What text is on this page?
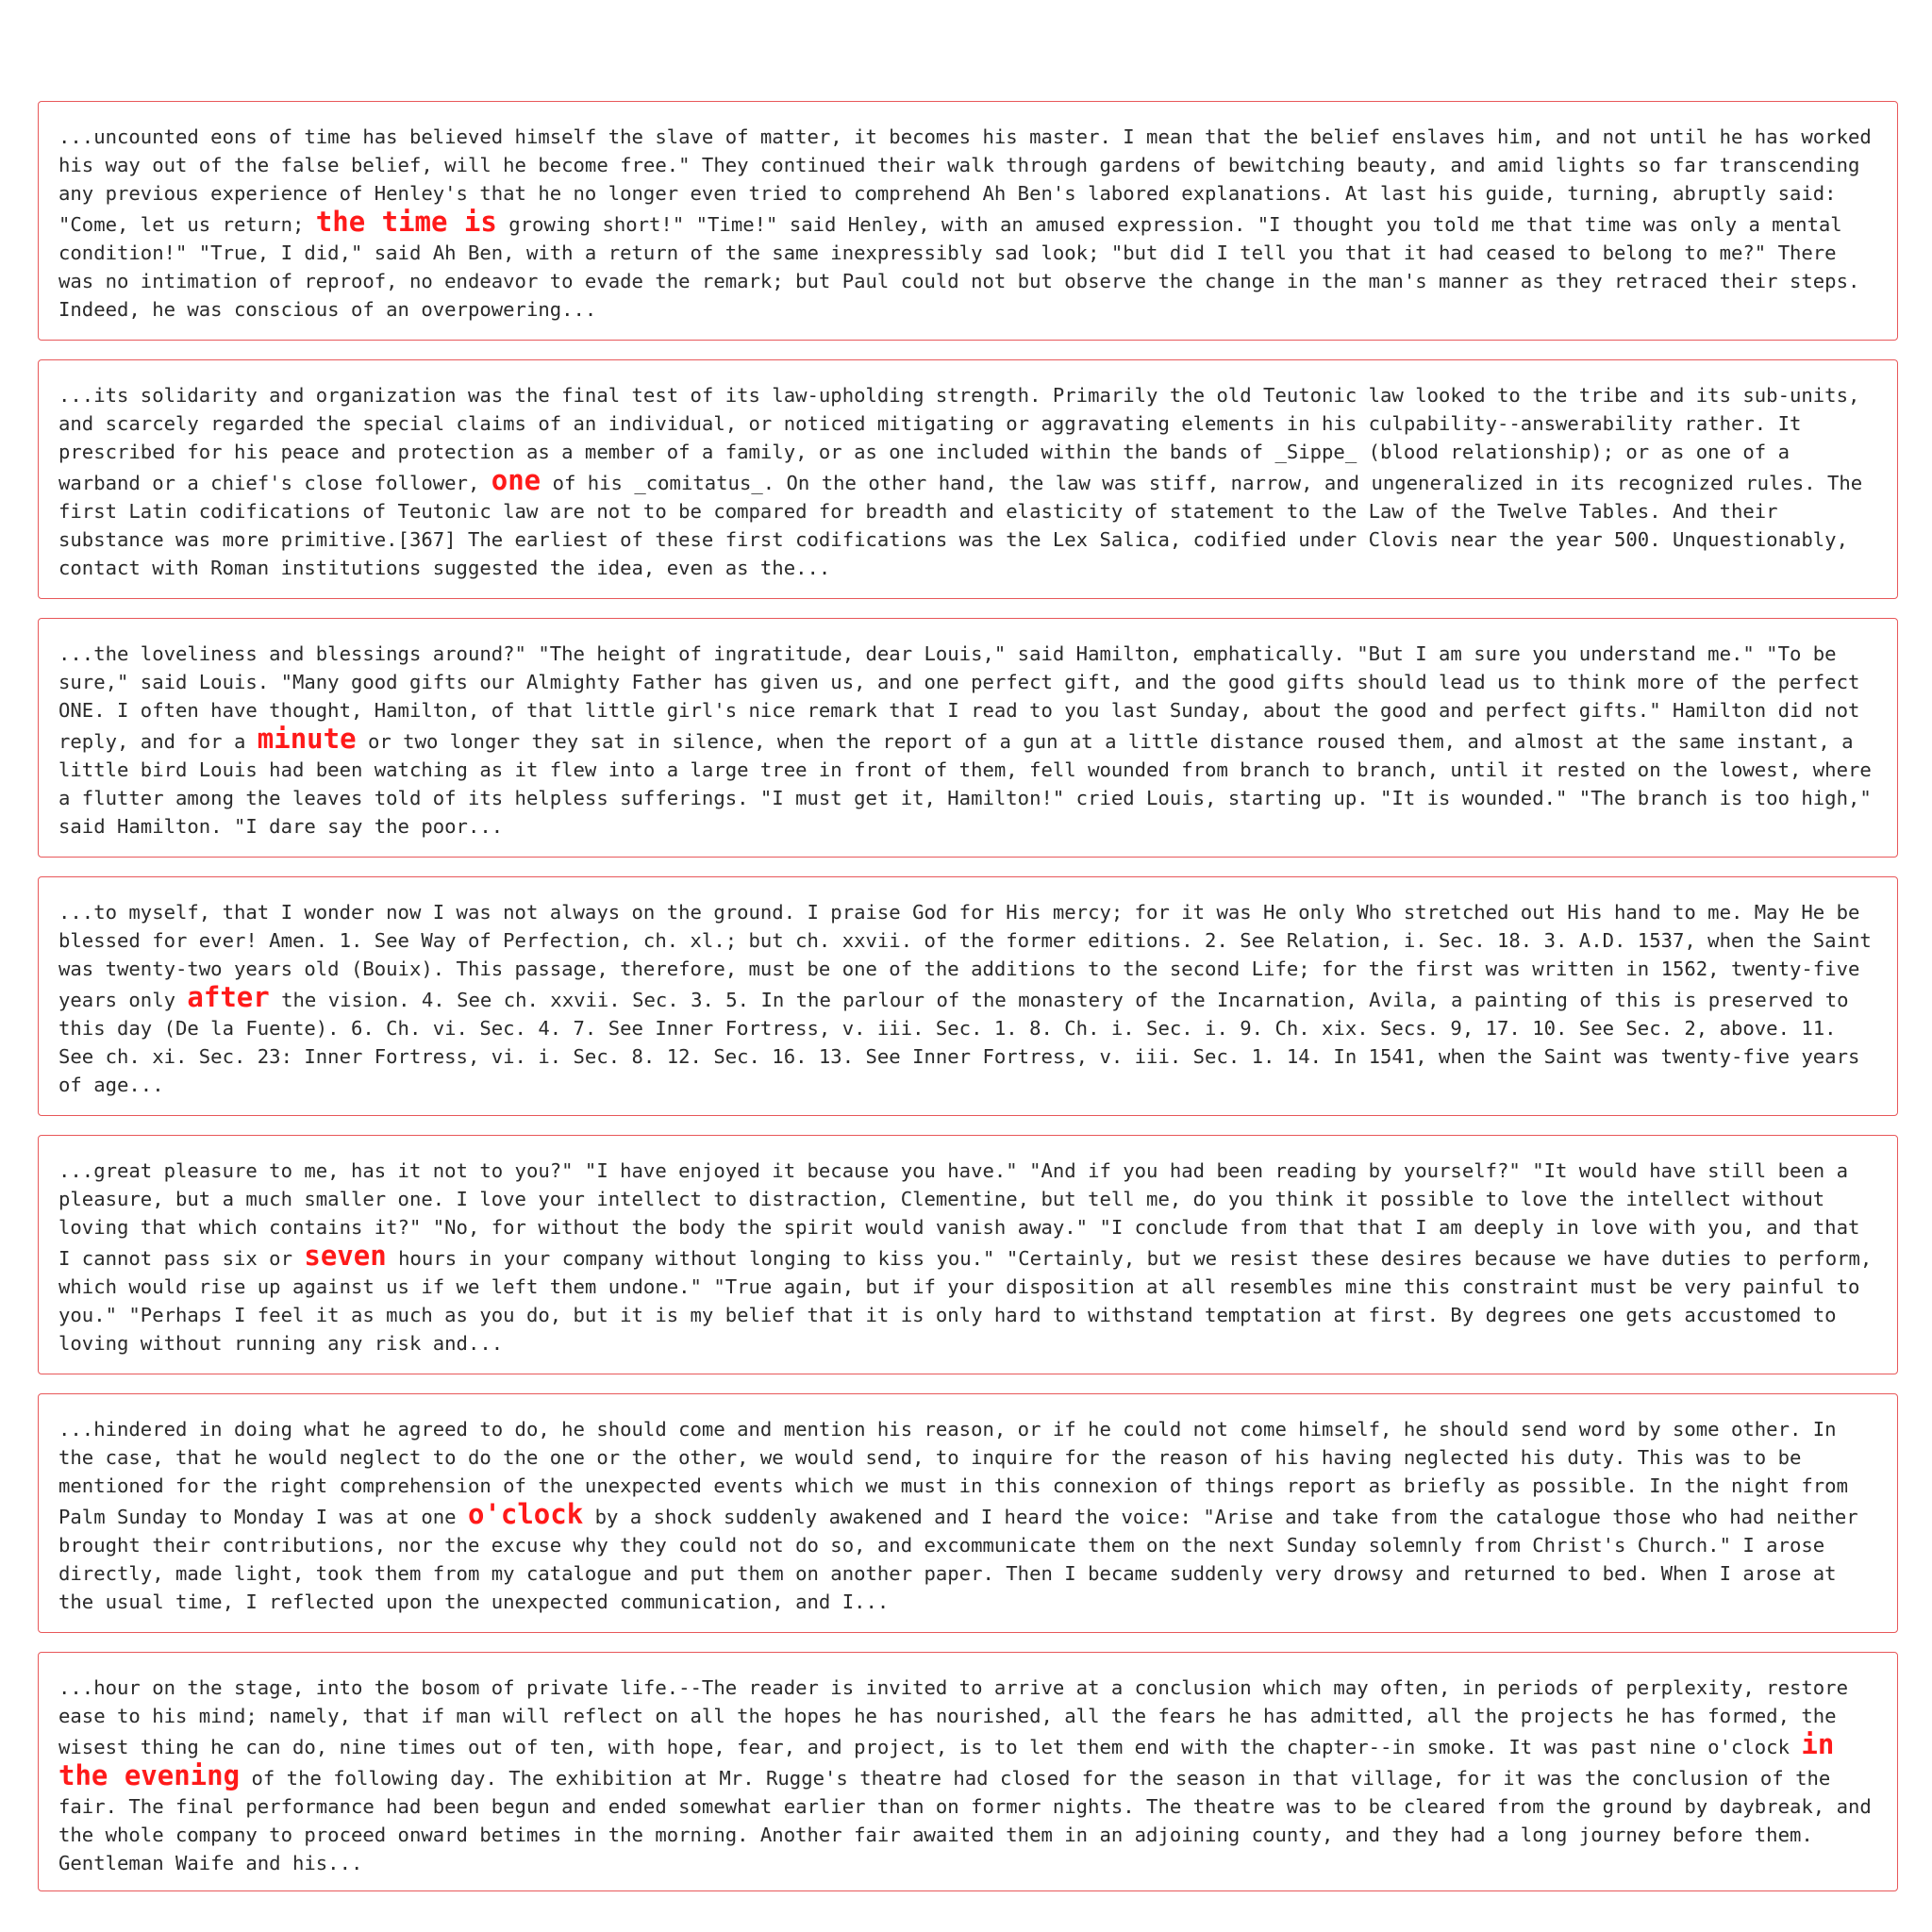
...uncounted eons of time has believed himself the slave of matter, it becomes his master. I mean that the belief enslaves him, and not until he has worked his way out of the false belief, will he become free." They continued their walk through gardens of bewitching beauty, and amid lights so far transcending any previous experience of Henley's that he no longer even tried to comprehend Ah Ben's labored explanations. At last his guide, turning, abruptly said: "Come, let us return; the time is growing short!" "Time!" said Henley, with an amused expression. "I thought you told me that time was only a mental condition!" "True, I did," said Ah Ben, with a return of the same inexpressibly sad look; "but did I tell you that it had ceased to belong to me?" There was no intimation of reproof, no endeavor to evade the remark; but Paul could not but observe the change in the man's manner as they retraced their steps. Indeed, he was conscious of an overpowering...
...its solidarity and organization was the final test of its law-upholding strength. Primarily the old Teutonic law looked to the tribe and its sub-units, and scarcely regarded the special claims of an individual, or noticed mitigating or aggravating elements in his culpability--answerability rather. It prescribed for his peace and protection as a member of a family, or as one included within the bands of _Sippe_ (blood relationship); or as one of a warband or a chief's close follower, one of his _comitatus_. On the other hand, the law was stiff, narrow, and ungeneralized in its recognized rules. The first Latin codifications of Teutonic law are not to be compared for breadth and elasticity of statement to the Law of the Twelve Tables. And their substance was more primitive.[367] The earliest of these first codifications was the Lex Salica, codified under Clovis near the year 500. Unquestionably, contact with Roman institutions suggested the idea, even as the...
...the loveliness and blessings around?" "The height of ingratitude, dear Louis," said Hamilton, emphatically. "But I am sure you understand me." "To be sure," said Louis. "Many good gifts our Almighty Father has given us, and one perfect gift, and the good gifts should lead us to think more of the perfect ONE. I often have thought, Hamilton, of that little girl's nice remark that I read to you last Sunday, about the good and perfect gifts." Hamilton did not reply, and for a minute or two longer they sat in silence, when the report of a gun at a little distance roused them, and almost at the same instant, a little bird Louis had been watching as it flew into a large tree in front of them, fell wounded from branch to branch, until it rested on the lowest, where a flutter among the leaves told of its helpless sufferings. "I must get it, Hamilton!" cried Louis, starting up. "It is wounded." "The branch is too high," said Hamilton. "I dare say the poor...
...to myself, that I wonder now I was not always on the ground. I praise God for His mercy; for it was He only Who stretched out His hand to me. May He be blessed for ever! Amen. 1. See Way of Perfection, ch. xl.; but ch. xxvii. of the former editions. 2. See Relation, i. Sec. 18. 3. A.D. 1537, when the Saint was twenty-two years old (Bouix). This passage, therefore, must be one of the additions to the second Life; for the first was written in 1562, twenty-five years only after the vision. 4. See ch. xxvii. Sec. 3. 5. In the parlour of the monastery of the Incarnation, Avila, a painting of this is preserved to this day (De la Fuente). 6. Ch. vi. Sec. 4. 7. See Inner Fortress, v. iii. Sec. 1. 8. Ch. i. Sec. i. 9. Ch. xix. Secs. 9, 17. 10. See Sec. 2, above. 11. See ch. xi. Sec. 23: Inner Fortress, vi. i. Sec. 8. 12. Sec. 16. 13. See Inner Fortress, v. iii. Sec. 1. 14. In 1541, when the Saint was twenty-five years of age...
...great pleasure to me, has it not to you?" "I have enjoyed it because you have." "And if you had been reading by yourself?" "It would have still been a pleasure, but a much smaller one. I love your intellect to distraction, Clementine, but tell me, do you think it possible to love the intellect without loving that which contains it?" "No, for without the body the spirit would vanish away." "I conclude from that that I am deeply in love with you, and that I cannot pass six or seven hours in your company without longing to kiss you." "Certainly, but we resist these desires because we have duties to perform, which would rise up against us if we left them undone." "True again, but if your disposition at all resembles mine this constraint must be very painful to you." "Perhaps I feel it as much as you do, but it is my belief that it is only hard to withstand temptation at first. By degrees one gets accustomed to loving without running any risk and...
...hindered in doing what he agreed to do, he should come and mention his reason, or if he could not come himself, he should send word by some other. In the case, that he would neglect to do the one or the other, we would send, to inquire for the reason of his having neglected his duty. This was to be mentioned for the right comprehension of the unexpected events which we must in this connexion of things report as briefly as possible. In the night from Palm Sunday to Monday I was at one o'clock by a shock suddenly awakened and I heard the voice: "Arise and take from the catalogue those who had neither brought their contributions, nor the excuse why they could not do so, and excommunicate them on the next Sunday solemnly from Christ's Church." I arose directly, made light, took them from my catalogue and put them on another paper. Then I became suddenly very drowsy and returned to bed. When I arose at the usual time, I reflected upon the unexpected communication, and I...
...hour on the stage, into the bosom of private life.--The reader is invited to arrive at a conclusion which may often, in periods of perplexity, restore ease to his mind; namely, that if man will reflect on all the hopes he has nourished, all the fears he has admitted, all the projects he has formed, the wisest thing he can do, nine times out of ten, with hope, fear, and project, is to let them end with the chapter--in smoke. It was past nine o'clock in the evening of the following day. The exhibition at Mr. Rugge's theatre had closed for the season in that village, for it was the conclusion of the fair. The final performance had been begun and ended somewhat earlier than on former nights. The theatre was to be cleared from the ground by daybreak, and the whole company to proceed onward betimes in the morning. Another fair awaited them in an adjoining county, and they had a long journey before them. Gentleman Waife and his...
